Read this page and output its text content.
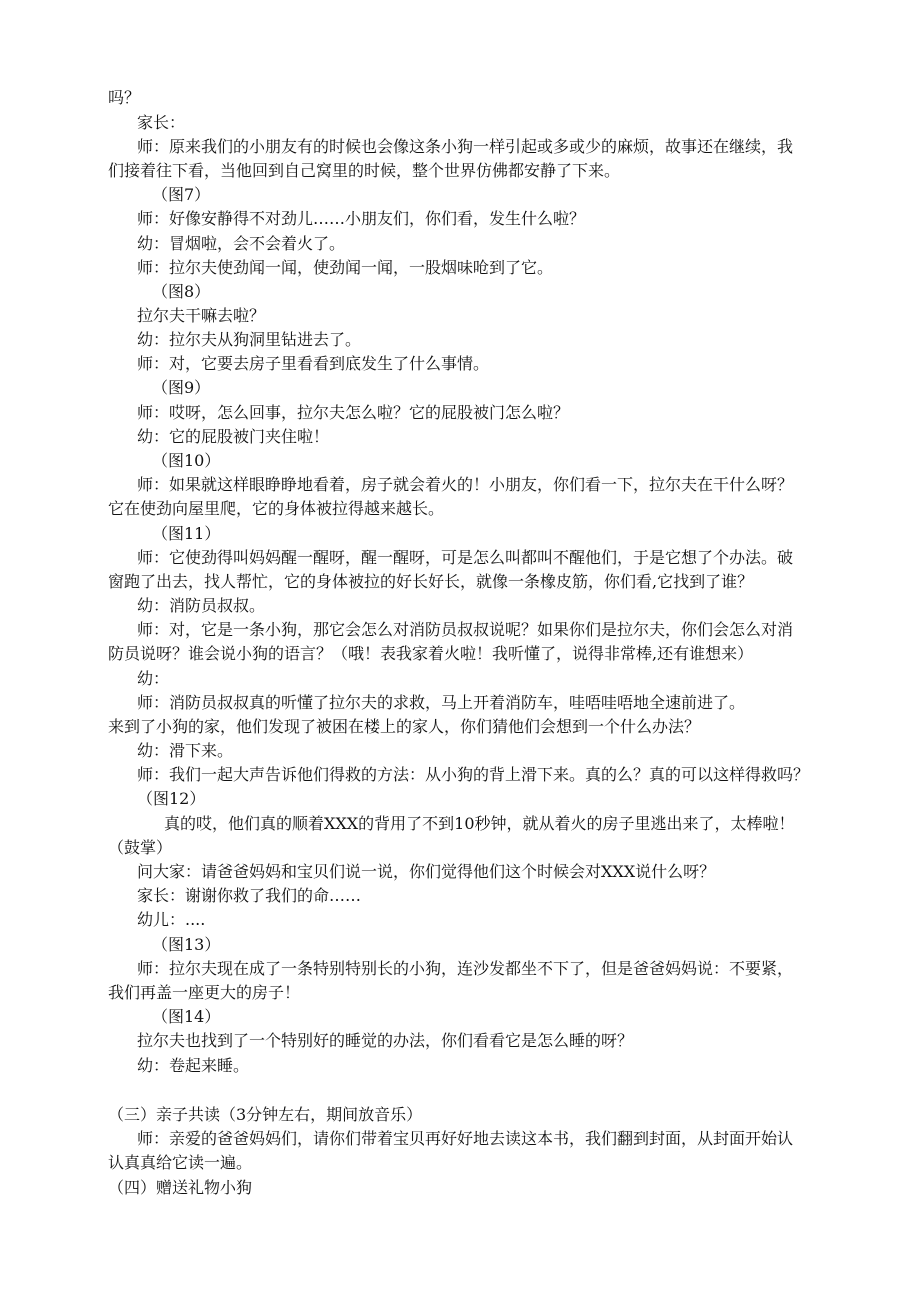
吗？

家长：

师：原来我们的小朋友有的时候也会像这条小狗一样引起或多或少的麻烦，故事还在继续，我

们接着往下看，当他回到自己窝里的时候，整个世界仿佛都安静了下来。

（图7）

师：好像安静得不对劲儿……小朋友们，你们看，发生什么啦？

幼：冒烟啦，会不会着火了。

师：拉尔夫使劲闻一闻，使劲闻一闻，一股烟味呛到了它。

（图8）

拉尔夫干嘛去啦？

幼：拉尔夫从狗洞里钻进去了。

师：对，它要去房子里看看到底发生了什么事情。

（图9）

师：哎呀，怎么回事，拉尔夫怎么啦？它的屁股被门怎么啦？

幼：它的屁股被门夹住啦！

（图10）

师：如果就这样眼睁睁地看着，房子就会着火的！小朋友，你们看一下，拉尔夫在干什么呀？

它在使劲向屋里爬，它的身体被拉得越来越长。

（图11）

师：它使劲得叫妈妈醒一醒呀，醒一醒呀，可是怎么叫都叫不醒他们，于是它想了个办法。破

窗跑了出去，找人帮忙，它的身体被拉的好长好长，就像一条橡皮筋，你们看,它找到了谁？

幼：消防员叔叔。

师：对，它是一条小狗，那它会怎么对消防员叔叔说呢？如果你们是拉尔夫，你们会怎么对消

防员说呀？谁会说小狗的语言？（哦！表我家着火啦！我听懂了，说得非常棒,还有谁想来）

幼：

师：消防员叔叔真的听懂了拉尔夫的求救，马上开着消防车，哇唔哇唔地全速前进了。

来到了小狗的家，他们发现了被困在楼上的家人，你们猜他们会想到一个什么办法？

幼：滑下来。

师：我们一起大声告诉他们得救的方法：从小狗的背上滑下来。真的么？真的可以这样得救吗？

（图12）

真的哎，他们真的顺着XXX的背用了不到10秒钟，就从着火的房子里逃出来了，太棒啦！

（鼓掌）

问大家：请爸爸妈妈和宝贝们说一说，你们觉得他们这个时候会对XXX说什么呀？

家长：谢谢你救了我们的命……

幼儿：....

（图13）

师：拉尔夫现在成了一条特别特别长的小狗，连沙发都坐不下了，但是爸爸妈妈说：不要紧，

我们再盖一座更大的房子！

（图14）

拉尔夫也找到了一个特别好的睡觉的办法，你们看看它是怎么睡的呀？

幼：卷起来睡。

（三）亲子共读（3分钟左右，期间放音乐）

师：亲爱的爸爸妈妈们，请你们带着宝贝再好好地去读这本书，我们翻到封面，从封面开始认

认真真给它读一遍。

（四）赠送礼物小狗
